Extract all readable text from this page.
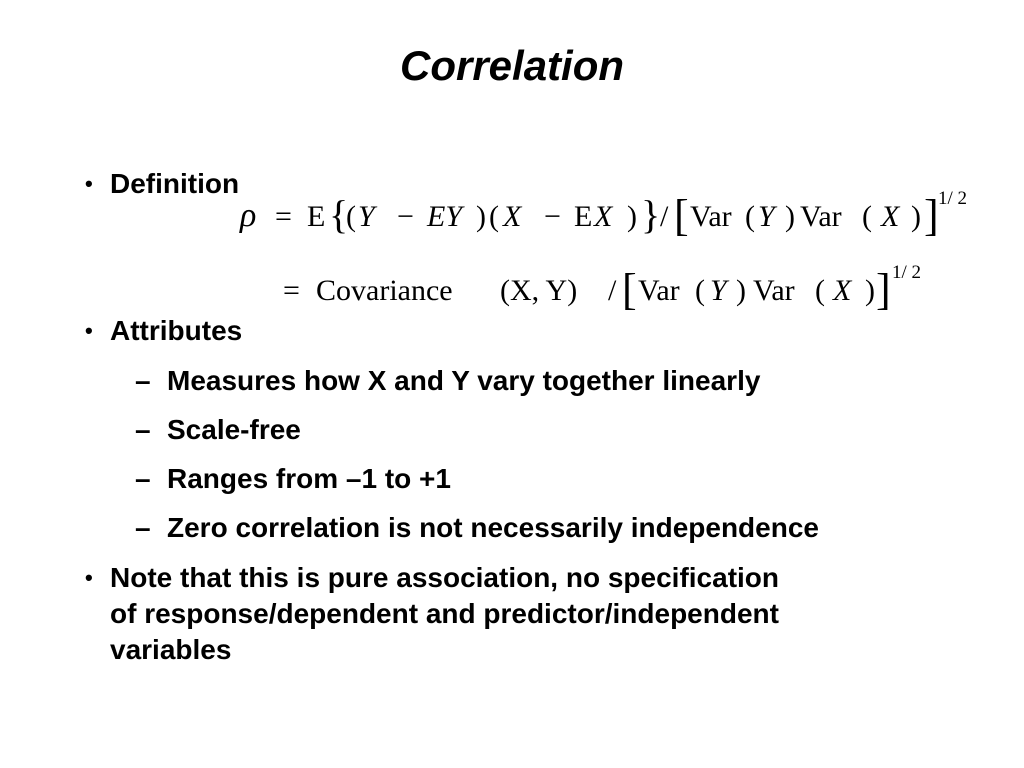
Correlation
• Definition
ρ = E {
( Y − EY ) ( X − E X ) } / [ Var ( Y ) Var ( X ) ] 1/ 2
= Covariance (X, Y) / [ Var ( Y ) Var ( X ) ] 1/ 2
• Attributes
– Measures how X and Y vary together linearly
– Scale-free
– Ranges from –1 to +1
– Zero correlation is not necessarily independence
• Note that this is pure association, no specification
of response/dependent and predictor/independent
variables
